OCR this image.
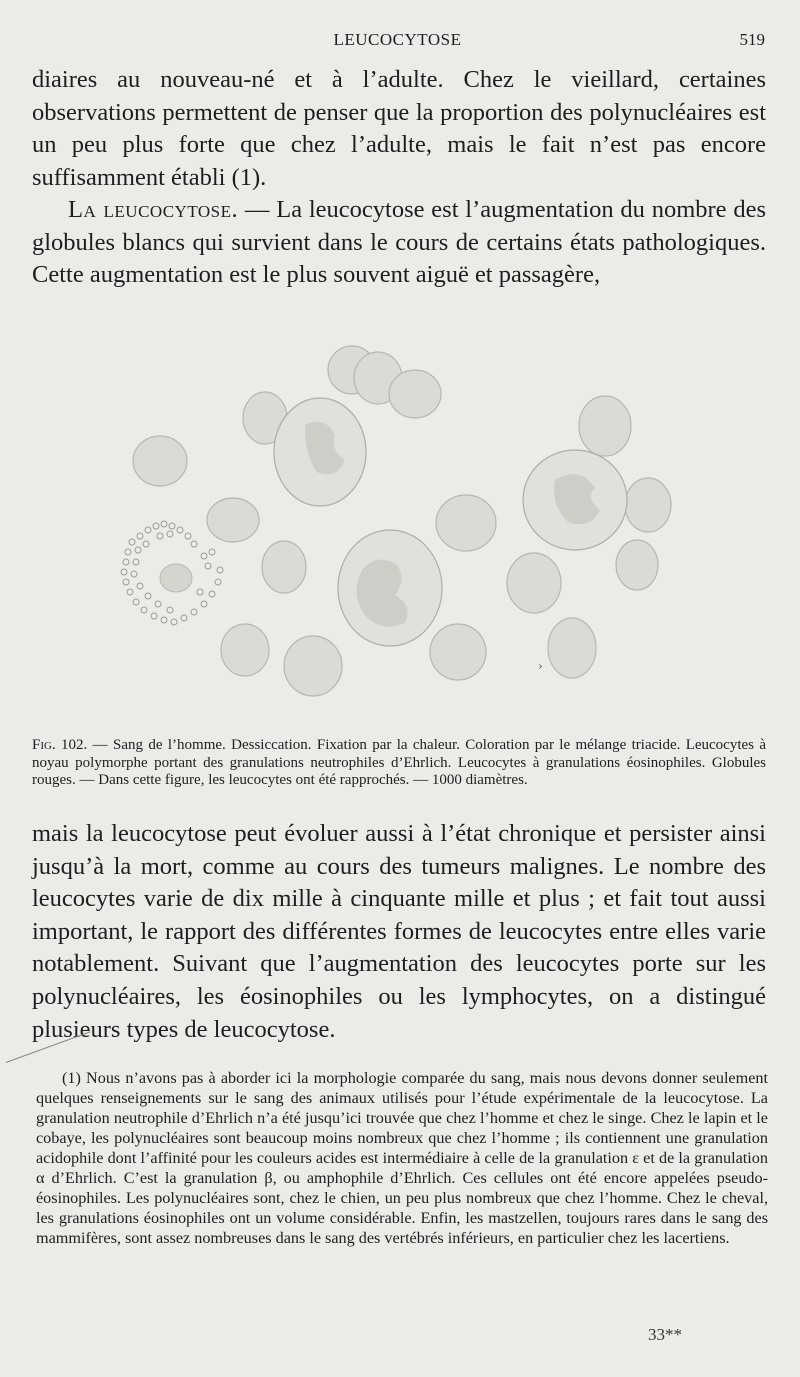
LEUCOCYTOSE	519

diaires au nouveau-né et à l’adulte. Chez le vieillard, certaines observations permettent de penser que la proportion des polynucléaires est un peu plus forte que chez l’adulte, mais le fait n’est pas encore suffisamment établi (1).

La leucocytose. — La leucocytose est l’augmentation du nombre des globules blancs qui survient dans le cours de certains états pathologiques. Cette augmentation est le plus souvent aiguë et passagère,

›

Fig. 102. — Sang de l’homme. Dessiccation. Fixation par la chaleur. Coloration par le mélange triacide. Leucocytes à noyau polymorphe portant des granulations neutrophiles d’Ehrlich. Leucocytes à granulations éosinophiles. Globules rouges. — Dans cette figure, les leucocytes ont été rapprochés. — 1000 diamètres.

mais la leucocytose peut évoluer aussi à l’état chronique et persister ainsi jusqu’à la mort, comme au cours des tumeurs malignes. Le nombre des leucocytes varie de dix mille à cinquante mille et plus ; et fait tout aussi important, le rapport des différentes formes de leucocytes entre elles varie notablement. Suivant que l’augmentation des leucocytes porte sur les polynucléaires, les éosinophiles ou les lymphocytes, on a distingué plusieurs types de leucocytose.

(1) Nous n’avons pas à aborder ici la morphologie comparée du sang, mais nous devons donner seulement quelques renseignements sur le sang des animaux utilisés pour l’étude expérimentale de la leucocytose. La granulation neutrophile d’Ehrlich n’a été jusqu’ici trouvée que chez l’homme et chez le singe. Chez le lapin et le cobaye, les polynucléaires sont beaucoup moins nombreux que chez l’homme ; ils contiennent une granulation acidophile dont l’affinité pour les couleurs acides est intermédiaire à celle de la granulation ε et de la granulation α d’Ehrlich. C’est la granulation β, ou amphophile d’Ehrlich. Ces cellules ont été encore appelées pseudo-éosinophiles. Les polynucléaires sont, chez le chien, un peu plus nombreux que chez l’homme. Chez le cheval, les granulations éosinophiles ont un volume considérable. Enfin, les mastzellen, toujours rares dans le sang des mammifères, sont assez nombreuses dans le sang des vertébrés inférieurs, en particulier chez les lacertiens.

33**
